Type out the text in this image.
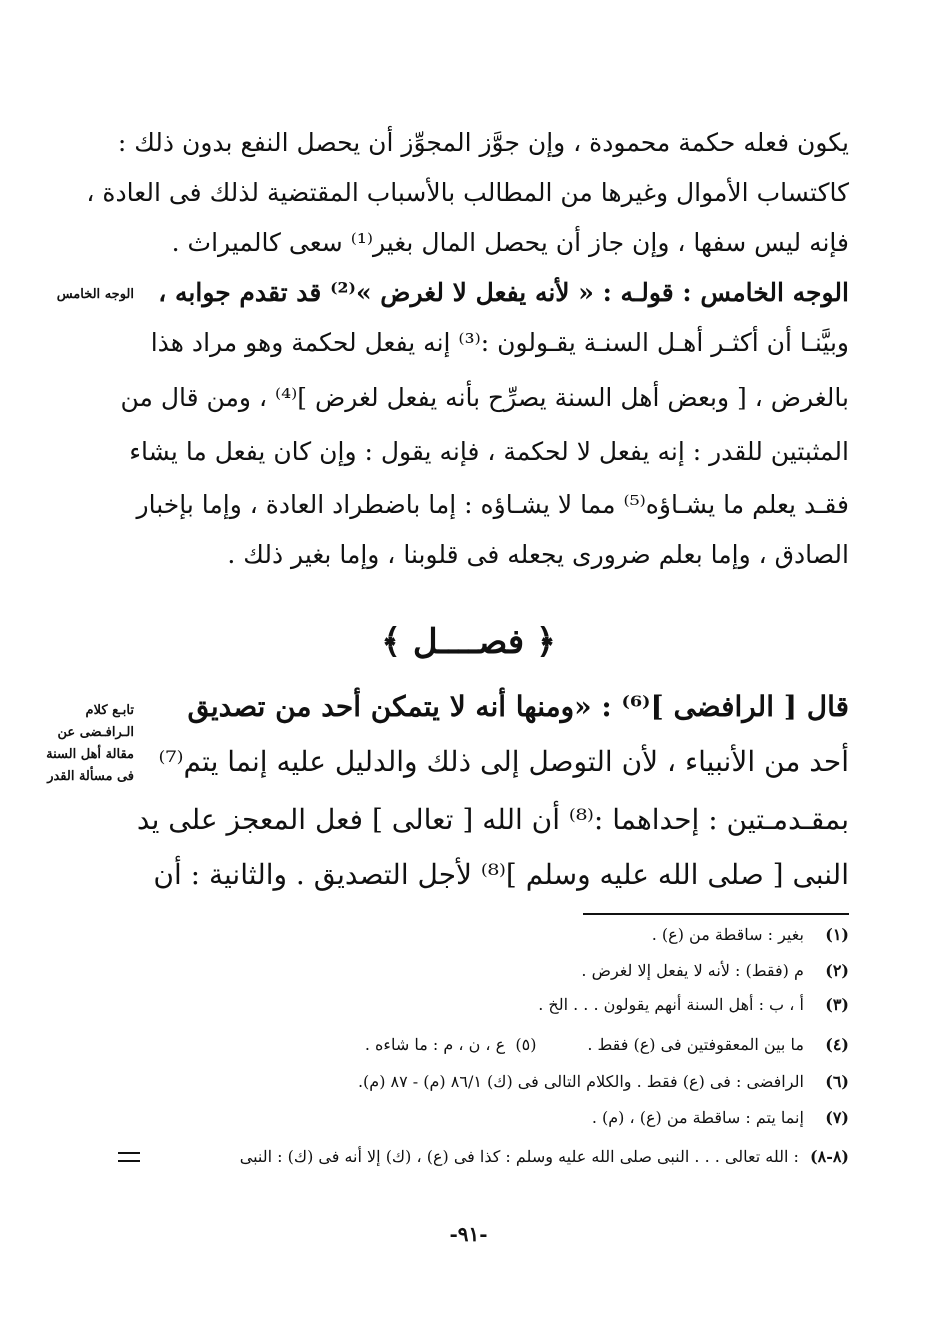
يكون فعله حكمة محمودة ، وإن جوَّز المجوِّز أن يحصل النفع بدون ذلك :
كاكتساب الأموال وغيرها من المطالب بالأسباب المقتضية لذلك فى العادة ،
فإنه ليس سفها ، وإن جاز أن يحصل المال بغير⁽¹⁾ سعى كالميراث .
الوجه الخامس : قولـه : « لأنه يفعل لا لغرض »⁽²⁾ قد تقدم جوابه ،
وبيَّنـا أن أكثـر أهـل السنـة يقـولون :⁽³⁾ إنه يفعل لحكمة وهو مراد هذا
بالغرض ، [ وبعض أهل السنة يصرِّح بأنه يفعل لغرض ]⁽⁴⁾ ، ومن قال من
المثبتين للقدر : إنه يفعل لا لحكمة ، فإنه يقول : وإن كان يفعل ما يشاء
فقـد يعلم ما يشـاؤه⁽⁵⁾ مما لا يشـاؤه : إما باضطراد العادة ، وإما بإخبار
الصادق ، وإما بعلم ضرورى يجعله فى قلوبنا ، وإما بغير ذلك .
الوجه الخامس
﴿ فصــــل ﴾
قال [ الرافضى ]⁽⁶⁾ : «ومنها أنه لا يتمكن أحد من تصديق
أحد من الأنبياء ، لأن التوصل إلى ذلك والدليل عليه إنما يتم⁽⁷⁾
بمقـدمـتين : إحداهما :⁽⁸⁾ أن الله [ تعالى ] فعل المعجز على يد
النبى [ صلى الله عليه وسلم ]⁽⁸⁾ لأجل التصديق . والثانية : أن
تابـع كلام
الـرافـضى عن
مقالة أهل السنة
فى مسألة القدر
(١) بغير : ساقطة من (ع) .
(٢) م (فقط) : لأنه لا يفعل إلا لغرض .
(٣) أ ، ب : أهل السنة أنهم يقولون . . . الخ .
(٤) ما بين المعقوفتين فى (ع) فقط .          (٥)  ع ، ن ، م : ما شاءه .
(٦) الرافضى : فى (ع) فقط . والكلام التالى فى (ك) ٨٦/١ (م) - ٨٧ (م).
(٧) إنما يتم : ساقطة من (ع) ، (م) .
(٨-٨) : الله تعالى . . . النبى صلى الله عليه وسلم : كذا فى (ع) ، (ك) إلا أنه فى (ك) : النبى
-٩١-
